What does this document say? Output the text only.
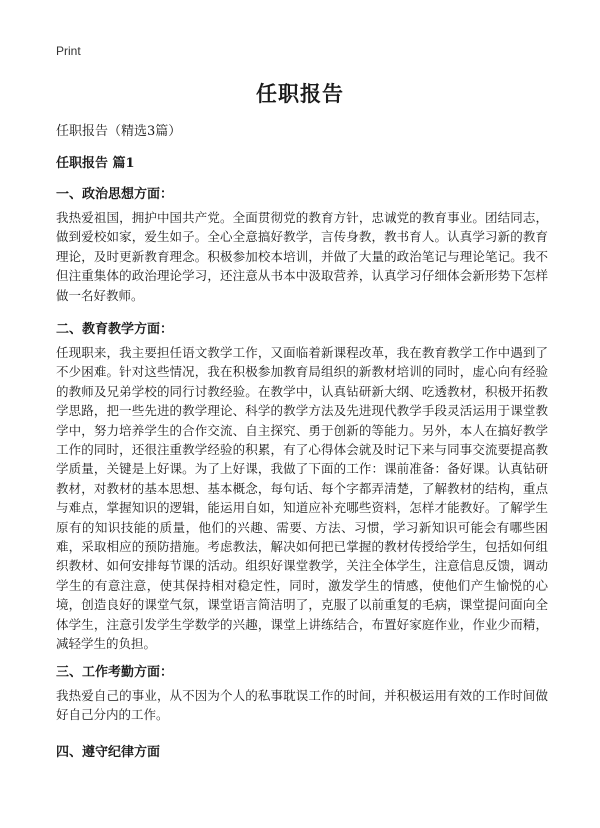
Print
任职报告
任职报告（精选3篇）
任职报告 篇1
一、政治思想方面：
我热爱祖国，拥护中国共产党。全面贯彻党的教育方针，忠诚党的教育事业。团结同志，做到爱校如家，爱生如子。全心全意搞好教学，言传身教，教书育人。认真学习新的教育理论，及时更新教育理念。积极参加校本培训，并做了大量的政治笔记与理论笔记。我不但注重集体的政治理论学习，还注意从书本中汲取营养，认真学习仔细体会新形势下怎样做一名好教师。
二、教育教学方面：
任现职来，我主要担任语文教学工作，又面临着新课程改革，我在教育教学工作中遇到了不少困难。针对这些情况，我在积极参加教育局组织的新教材培训的同时，虚心向有经验的教师及兄弟学校的同行讨教经验。在教学中，认真钻研新大纲、吃透教材，积极开拓教学思路，把一些先进的教学理论、科学的教学方法及先进现代教学手段灵活运用于课堂教学中，努力培养学生的合作交流、自主探究、勇于创新的等能力。另外，本人在搞好教学工作的同时，还很注重教学经验的积累，有了心得体会就及时记下来与同事交流要提高教学质量，关键是上好课。为了上好课，我做了下面的工作：课前准备：备好课。认真钻研教材，对教材的基本思想、基本概念，每句话、每个字都弄清楚，了解教材的结构，重点与难点，掌握知识的逻辑，能运用自如，知道应补充哪些资料，怎样才能教好。了解学生原有的知识技能的质量，他们的兴趣、需要、方法、习惯，学习新知识可能会有哪些困难，采取相应的预防措施。考虑教法，解决如何把已掌握的教材传授给学生，包括如何组织教材、如何安排每节课的活动。组织好课堂教学，关注全体学生，注意信息反馈，调动学生的有意注意，使其保持相对稳定性，同时，激发学生的情感，使他们产生愉悦的心境，创造良好的课堂气氛，课堂语言简洁明了，克服了以前重复的毛病，课堂提问面向全体学生，注意引发学生学数学的兴趣，课堂上讲练结合，布置好家庭作业，作业少而精，减轻学生的负担。
三、工作考勤方面：
我热爱自己的事业，从不因为个人的私事耽误工作的时间，并积极运用有效的工作时间做好自己分内的工作。
四、遵守纪律方面
